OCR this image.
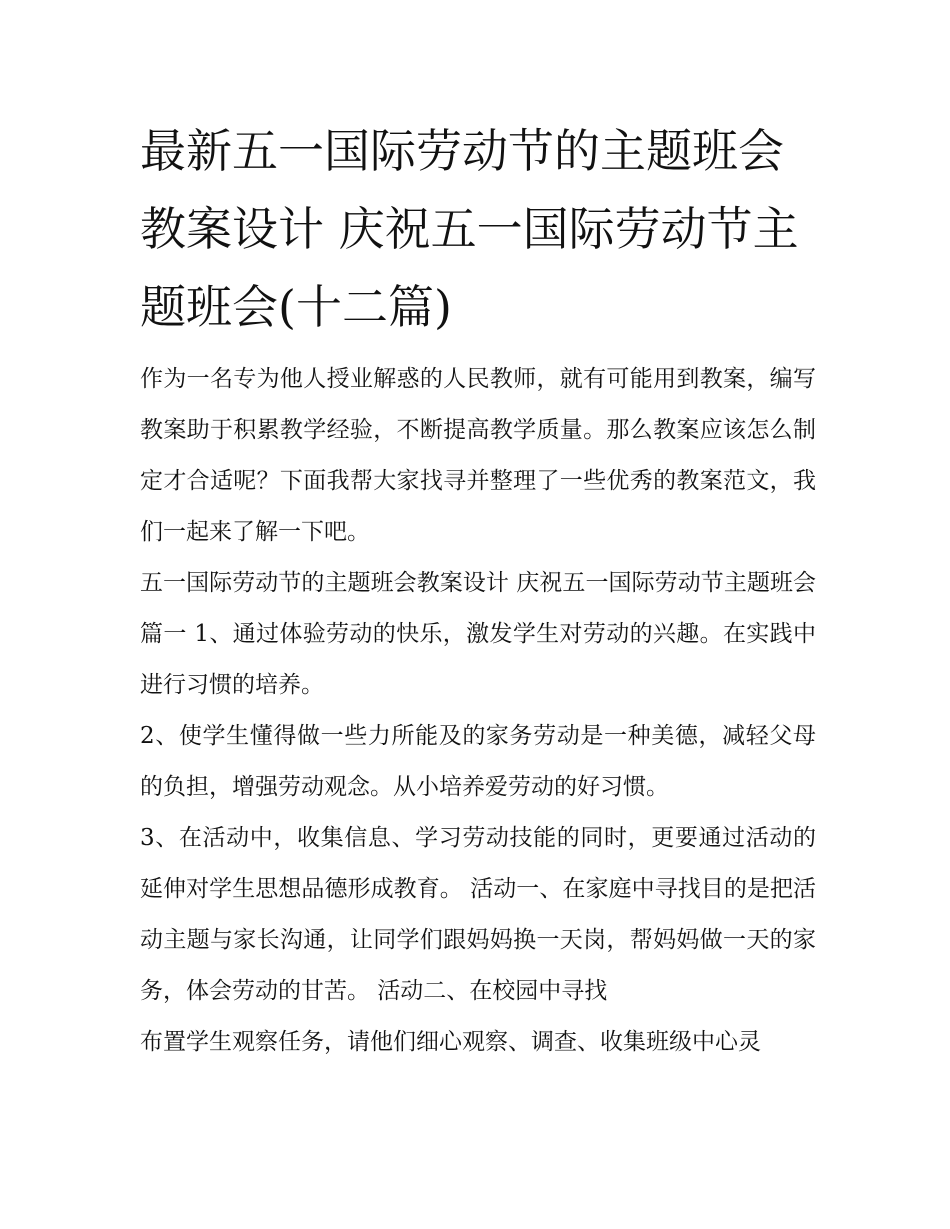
最新五一国际劳动节的主题班会教案设计 庆祝五一国际劳动节主题班会(十二篇)

作为一名专为他人授业解惑的人民教师，就有可能用到教案，编写教案助于积累教学经验，不断提高教学质量。那么教案应该怎么制定才合适呢？下面我帮大家找寻并整理了一些优秀的教案范文，我们一起来了解一下吧。

五一国际劳动节的主题班会教案设计 庆祝五一国际劳动节主题班会篇一 1、通过体验劳动的快乐，激发学生对劳动的兴趣。在实践中进行习惯的培养。

2、使学生懂得做一些力所能及的家务劳动是一种美德，减轻父母的负担，增强劳动观念。从小培养爱劳动的好习惯。

3、在活动中，收集信息、学习劳动技能的同时，更要通过活动的延伸对学生思想品德形成教育。 活动一、在家庭中寻找目的是把活动主题与家长沟通，让同学们跟妈妈换一天岗，帮妈妈做一天的家务，体会劳动的甘苦。 活动二、在校园中寻找

布置学生观察任务，请他们细心观察、调查、收集班级中心灵
